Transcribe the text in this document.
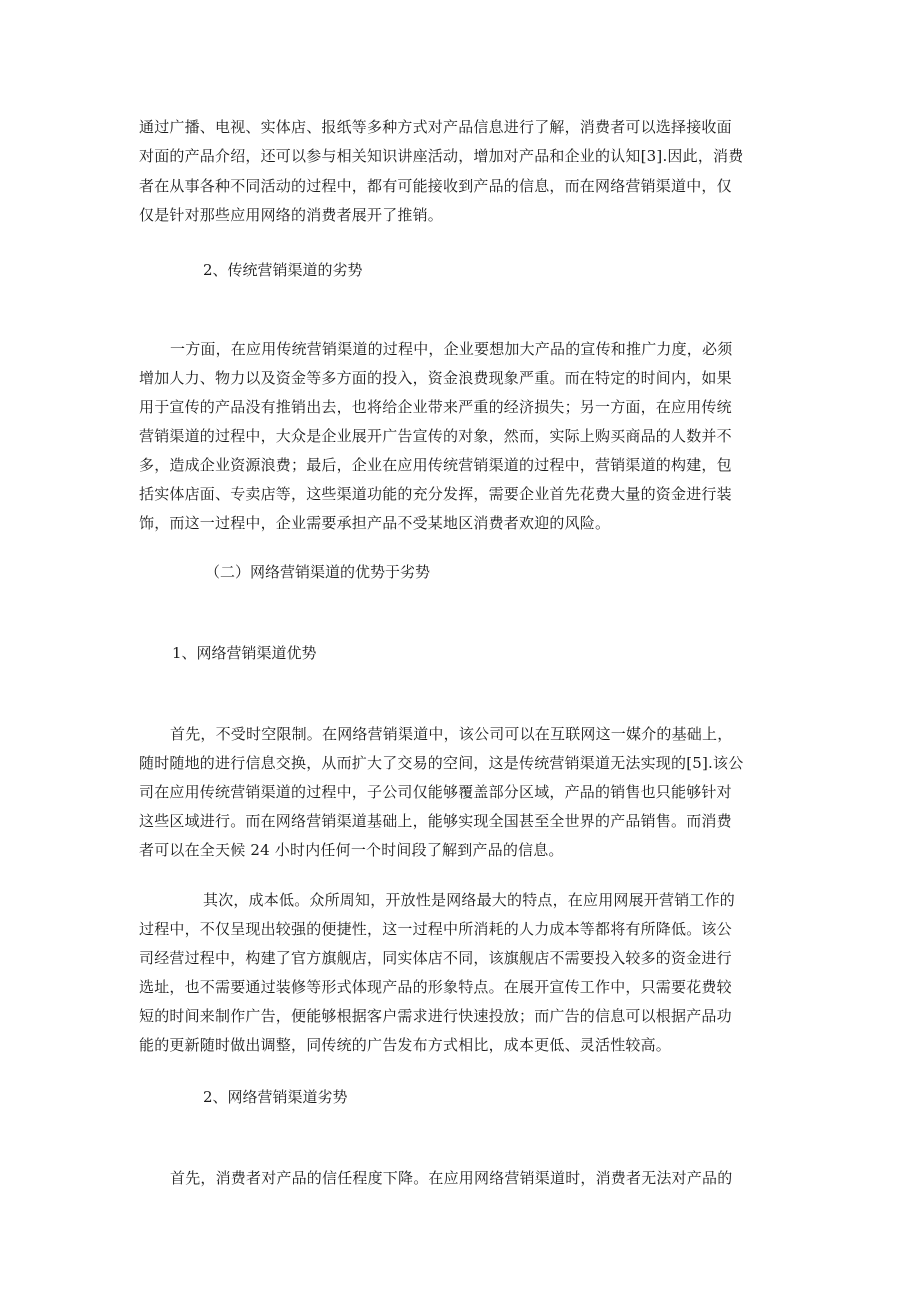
通过广播、电视、实体店、报纸等多种方式对产品信息进行了解，消费者可以选择接收面
对面的产品介绍，还可以参与相关知识讲座活动，增加对产品和企业的认知[3].因此，消费
者在从事各种不同活动的过程中，都有可能接收到产品的信息，而在网络营销渠道中，仅
仅是针对那些应用网络的消费者展开了推销。
2、传统营销渠道的劣势
一方面，在应用传统营销渠道的过程中，企业要想加大产品的宣传和推广力度，必须
增加人力、物力以及资金等多方面的投入，资金浪费现象严重。而在特定的时间内，如果
用于宣传的产品没有推销出去，也将给企业带来严重的经济损失；另一方面，在应用传统
营销渠道的过程中，大众是企业展开广告宣传的对象，然而，实际上购买商品的人数并不
多，造成企业资源浪费；最后，企业在应用传统营销渠道的过程中，营销渠道的构建，包
括实体店面、专卖店等，这些渠道功能的充分发挥，需要企业首先花费大量的资金进行装
饰，而这一过程中，企业需要承担产品不受某地区消费者欢迎的风险。
（二）网络营销渠道的优势于劣势
1、网络营销渠道优势
首先，不受时空限制。在网络营销渠道中，该公司可以在互联网这一媒介的基础上，
随时随地的进行信息交换，从而扩大了交易的空间，这是传统营销渠道无法实现的[5].该公
司在应用传统营销渠道的过程中，子公司仅能够覆盖部分区域，产品的销售也只能够针对
这些区域进行。而在网络营销渠道基础上，能够实现全国甚至全世界的产品销售。而消费
者可以在全天候 24 小时内任何一个时间段了解到产品的信息。
其次，成本低。众所周知，开放性是网络最大的特点，在应用网展开营销工作的
过程中，不仅呈现出较强的便捷性，这一过程中所消耗的人力成本等都将有所降低。该公
司经营过程中，构建了官方旗舰店，同实体店不同，该旗舰店不需要投入较多的资金进行
选址，也不需要通过装修等形式体现产品的形象特点。在展开宣传工作中，只需要花费较
短的时间来制作广告，便能够根据客户需求进行快速投放；而广告的信息可以根据产品功
能的更新随时做出调整，同传统的广告发布方式相比，成本更低、灵活性较高。
2、网络营销渠道劣势
首先，消费者对产品的信任程度下降。在应用网络营销渠道时，消费者无法对产品的
